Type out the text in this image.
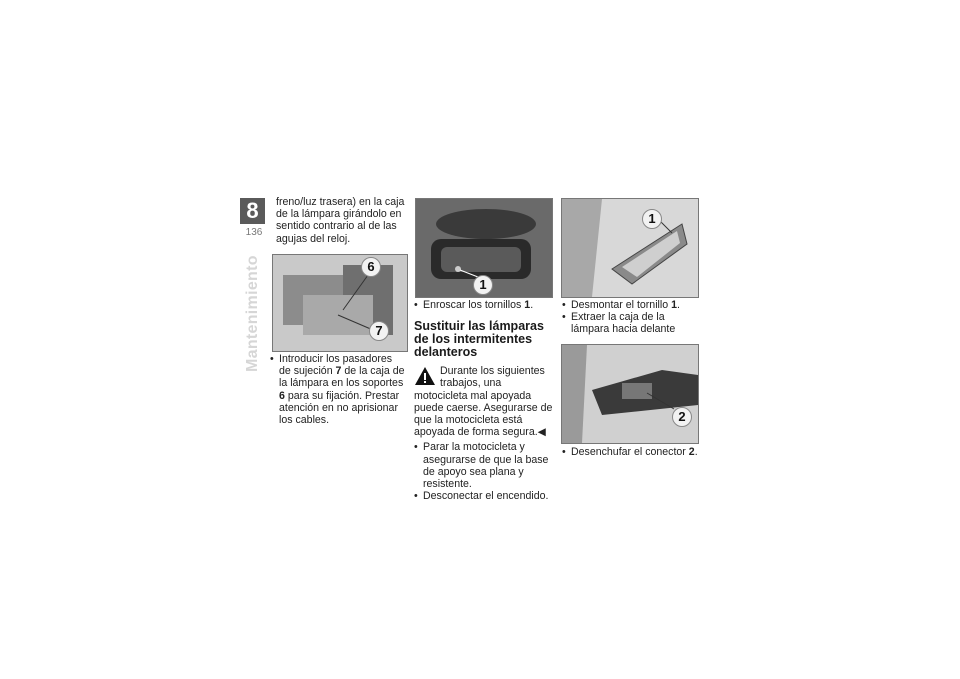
8
136
Mantenimiento

freno/luz trasera) en la caja de la lámpara girándolo en sentido contrario al de las agujas del reloj.

6
7

• Introducir los pasadores de sujeción 7 de la caja de la lámpara en los soportes 6 para su fijación. Prestar atención en no aprisionar los cables.

1

• Enroscar los tornillos 1.

Sustituir las lámparas de los intermitentes delanteros

Durante los siguientes trabajos, una motocicleta mal apoyada puede caerse. Asegurarse de que la motocicleta está apoyada de forma segura.◀

• Parar la motocicleta y asegurarse de que la base de apoyo sea plana y resistente.

• Desconectar el encendido.

1

• Desmontar el tornillo 1.

• Extraer la caja de la lámpara hacia delante

2

• Desenchufar el conector 2.
